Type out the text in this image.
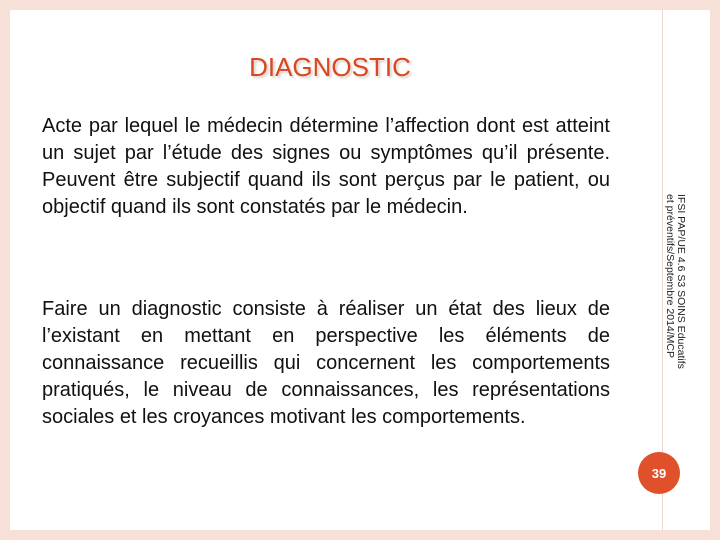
DIAGNOSTIC

Acte par lequel le médecin détermine l’affection dont est atteint un sujet par l’étude des signes ou symptômes qu’il présente. Peuvent être subjectif quand ils sont perçus par le patient, ou objectif quand ils sont constatés par le médecin.

Faire un diagnostic consiste à réaliser un état des lieux de l’existant en mettant en perspective les éléments de connaissance recueillis qui concernent les comportements pratiqués, le niveau de connaissances, les représentations sociales et les croyances motivant les comportements.

IFSI PAP/UE 4.6 S3 SOINS Educatifs et préventifs/Septembre 2014/MCP
39
